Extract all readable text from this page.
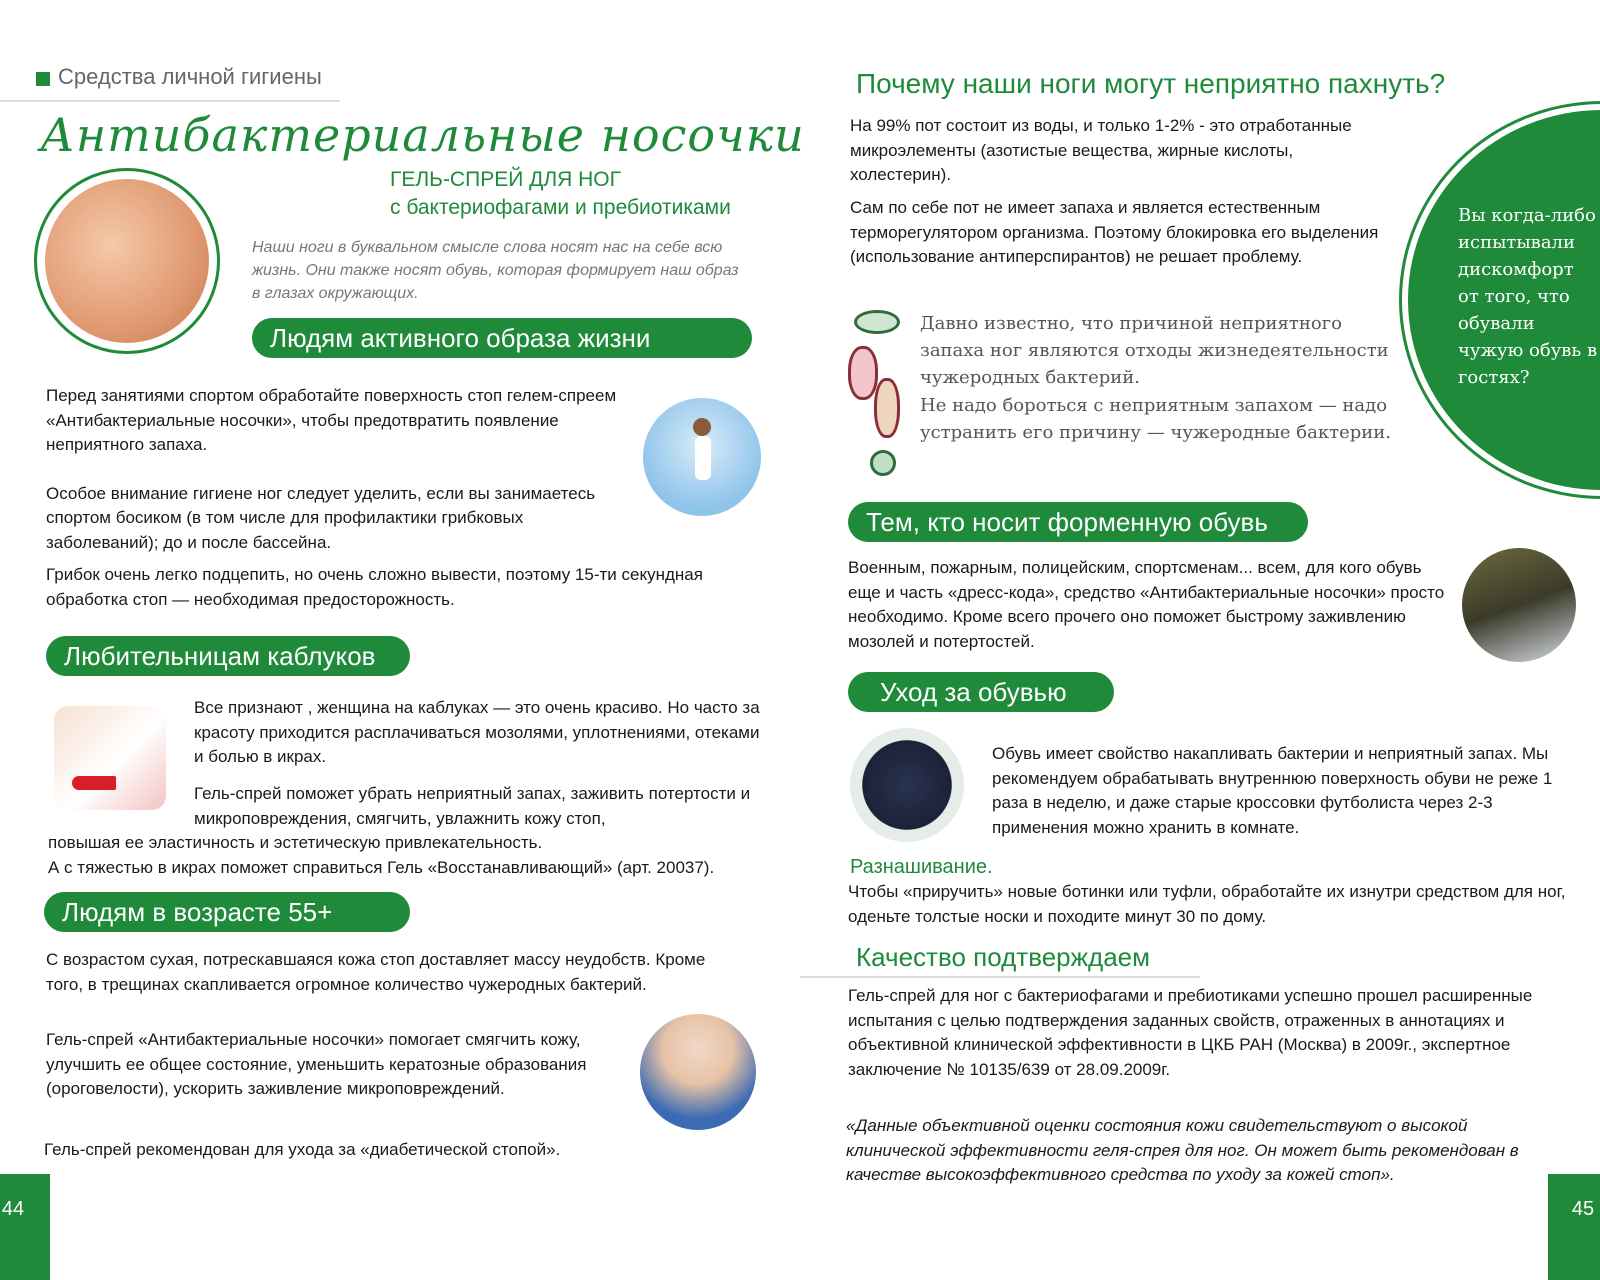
Средства личной гигиены
Антибактериальные носочки
ГЕЛЬ-СПРЕЙ ДЛЯ НОГ
с бактериофагами и пребиотиками
Наши ноги в буквальном смысле слова носят нас на себе всю жизнь. Они также носят обувь, которая формирует наш образ в глазах окружающих.
Людям активного образа жизни

Перед занятиями спортом обработайте поверхность стоп гелем-спреем «Антибактериальные носочки», чтобы предотвратить появление неприятного запаха.

Особое внимание гигиене ног следует уделить, если вы занимаетесь спортом босиком (в том числе для профилактики грибковых заболеваний); до и после бассейна.

Грибок очень легко подцепить, но очень сложно вывести, поэтому 15-ти секундная обработка стоп — необходимая предосторожность.

Любительницам каблуков
Все признают , женщина на каблуках — это очень красиво. Но часто за красоту приходится расплачиваться мозолями, уплотнениями, отеками и болью в икрах.
Гель-спрей поможет убрать неприятный запах, заживить потертости и микроповреждения, смягчить, увлажнить кожу стоп,
повышая ее эластичность и эстетическую привлекательность.
А с тяжестью в икрах поможет справиться Гель «Восстанавливающий» (арт. 20037).
Людям в возрасте 55+

С возрастом сухая, потрескавшаяся кожа стоп доставляет массу неудобств. Кроме того, в трещинах скапливается огромное количество чужеродных бактерий.

Гель-спрей «Антибактериальные носочки» помогает смягчить кожу, улучшить ее общее состояние, уменьшить кератозные образования (ороговелости), ускорить заживление микроповреждений.
Гель-спрей рекомендован для ухода за «диабетической стопой».
44
Почему наши ноги могут неприятно пахнуть?
На 99% пот состоит из воды, и только 1-2% - это отработанные микроэлементы (азотистые вещества, жирные кислоты, холестерин).
Сам по себе пот не имеет запаха и является естественным терморегулятором организма. Поэтому блокировка его выделения (использование антиперспирантов) не решает проблему.
Давно известно, что причиной неприятного запаха ног являются отходы жизнедеятельности чужеродных бактерий.
Не надо бороться с неприятным запахом — надо устранить его причину — чужеродные бактерии.
Вы когда-либо испытывали дискомфорт от того, что обували чужую обувь в гостях?
Тем, кто носит форменную обувь
Военным, пожарным, полицейским, спортсменам... всем, для кого обувь еще и часть «дресс-кода», средство «Антибактериальные носочки» просто необходимо. Кроме всего прочего оно поможет быстрому заживлению мозолей и потертостей.
Уход за обувью
Обувь имеет свойство накапливать бактерии и неприятный запах. Мы рекомендуем обрабатывать внутреннюю поверхность обуви не реже 1 раза в неделю, и даже старые кроссовки футболиста через 2-3 применения можно хранить в комнате.
Разнашивание.
Чтобы «приручить» новые ботинки или туфли, обработайте их изнутри средством для ног, оденьте толстые носки и походите минут 30 по дому.
Качество подтверждаем
Гель-спрей для ног с бактериофагами и пребиотиками успешно прошел расширенные испытания с целью подтверждения заданных свойств, отраженных в аннотациях и объективной клинической эффективности в ЦКБ РАН (Москва) в 2009г., экспертное заключение № 10135/639 от 28.09.2009г.
«Данные объективной оценки состояния кожи свидетельствуют о высокой клинической эффективности геля-спрея для ног. Он может быть рекомендован в качестве высокоэффективного средства по уходу за кожей стоп».
45
